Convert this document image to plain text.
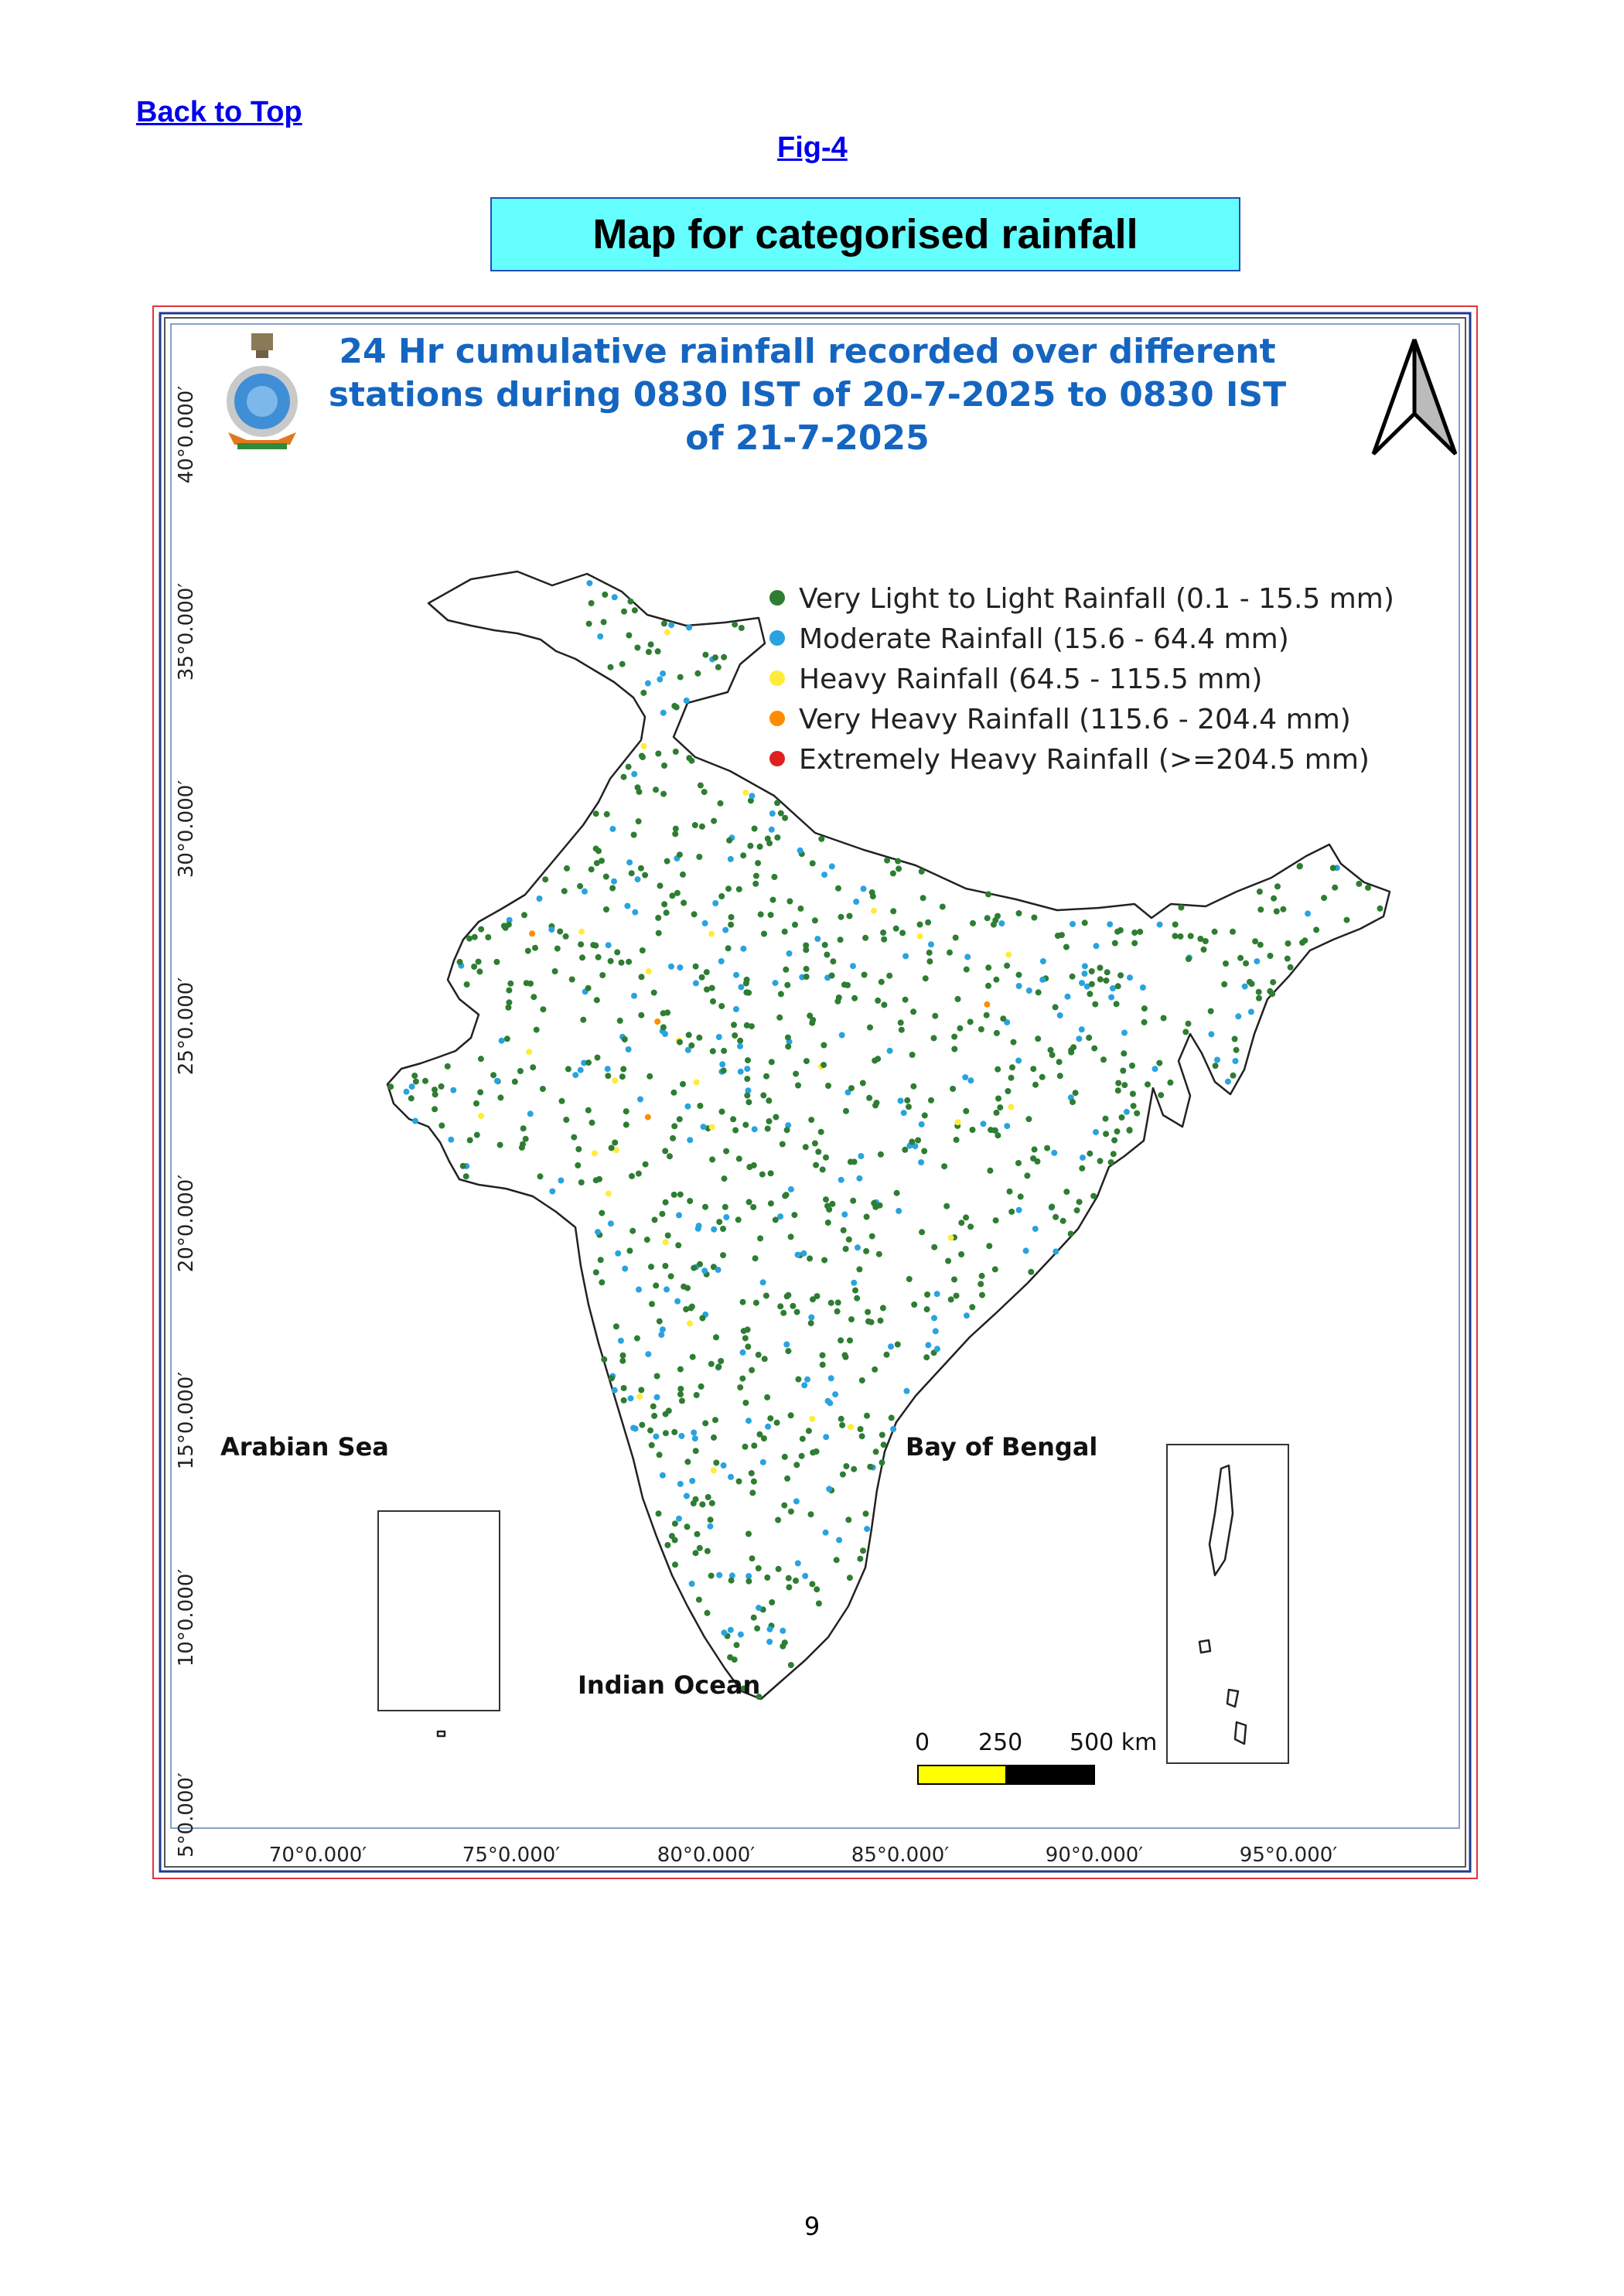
Back to Top
Fig-4
Map for categorised rainfall
24 Hr cumulative rainfall recorded over different
stations during 0830 IST of 20-7-2025 to 0830 IST
of 21-7-2025
Very Light to Light Rainfall (0.1 - 15.5 mm)
Moderate Rainfall (15.6 - 64.4 mm)
Heavy Rainfall (64.5 - 115.5 mm)
Very Heavy Rainfall (115.6 - 204.4 mm)
Extremely Heavy Rainfall (>=204.5 mm)
Arabian Sea	Bay of Bengal
Indian Ocean
0 250 500 km
70°0.000′	75°0.000′	80°0.000′	85°0.000′	90°0.000′	95°0.000′
40°0.000′
35°0.000′
30°0.000′
25°0.000′
20°0.000′
15°0.000′
10°0.000′
5°0.000′
9
